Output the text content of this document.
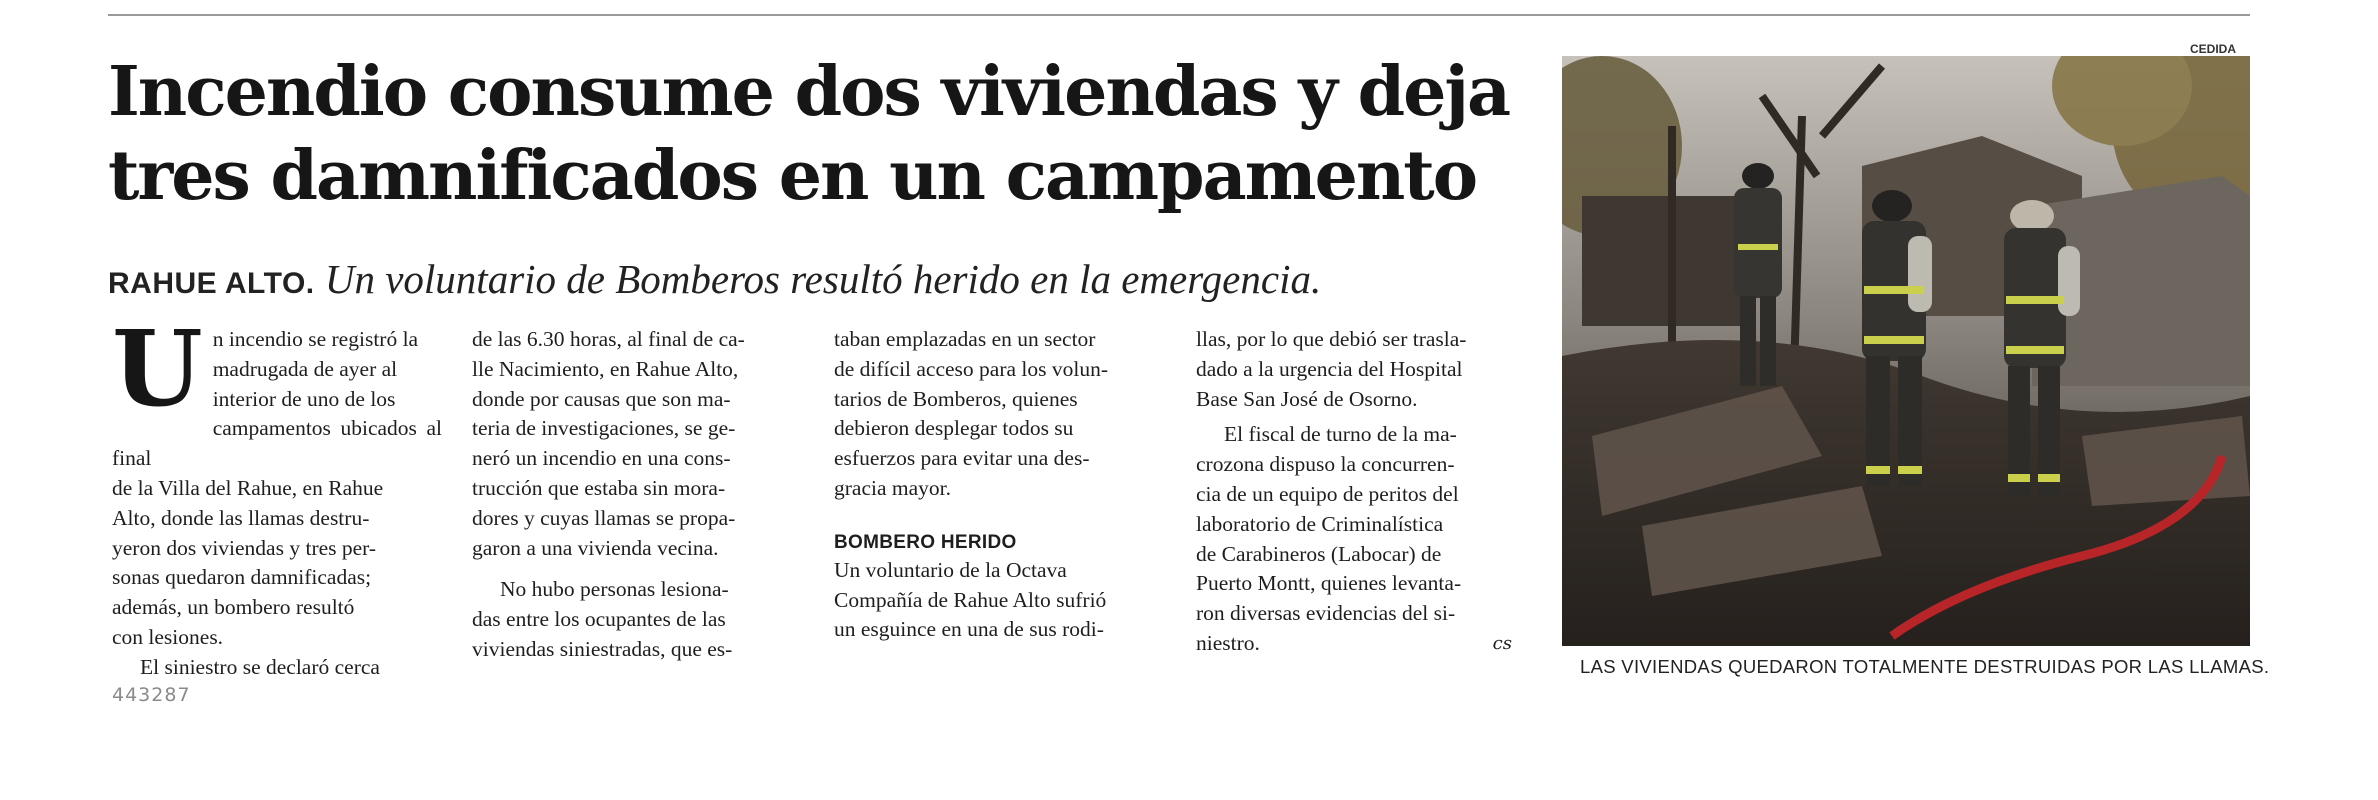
Incendio consume dos viviendas y deja
tres damnificados en un campamento
RAHUE ALTO. Un voluntario de Bomberos resultó herido en la emergencia.
U n incendio se registró la
madrugada de ayer al
interior de uno de los
campamentos ubicados al final
de la Villa del Rahue, en Rahue
Alto, donde las llamas destru-
yeron dos viviendas y tres per-
sonas quedaron damnificadas;
además, un bombero resultó
con lesiones.

El siniestro se declaró cerca

de las 6.30 horas, al final de ca-
lle Nacimiento, en Rahue Alto,
donde por causas que son ma-
teria de investigaciones, se ge-
neró un incendio en una cons-
trucción que estaba sin mora-
dores y cuyas llamas se propa-
garon a una vivienda vecina.

No hubo personas lesiona-
das entre los ocupantes de las
viviendas siniestradas, que es-

taban emplazadas en un sector
de difícil acceso para los volun-
tarios de Bomberos, quienes
debieron desplegar todos su
esfuerzos para evitar una des-
gracia mayor.

BOMBERO HERIDO

Un voluntario de la Octava
Compañía de Rahue Alto sufrió
un esguince en una de sus rodi-

llas, por lo que debió ser trasla-
dado a la urgencia del Hospital
Base San José de Osorno.

El fiscal de turno de la ma-
crozona dispuso la concurren-
cia de un equipo de peritos del
laboratorio de Criminalística
de Carabineros (Labocar) de
Puerto Montt, quienes levanta-
ron diversas evidencias del si-
niestro.	cs

443287
CEDIDA
LAS VIVIENDAS QUEDARON TOTALMENTE DESTRUIDAS POR LAS LLAMAS.
